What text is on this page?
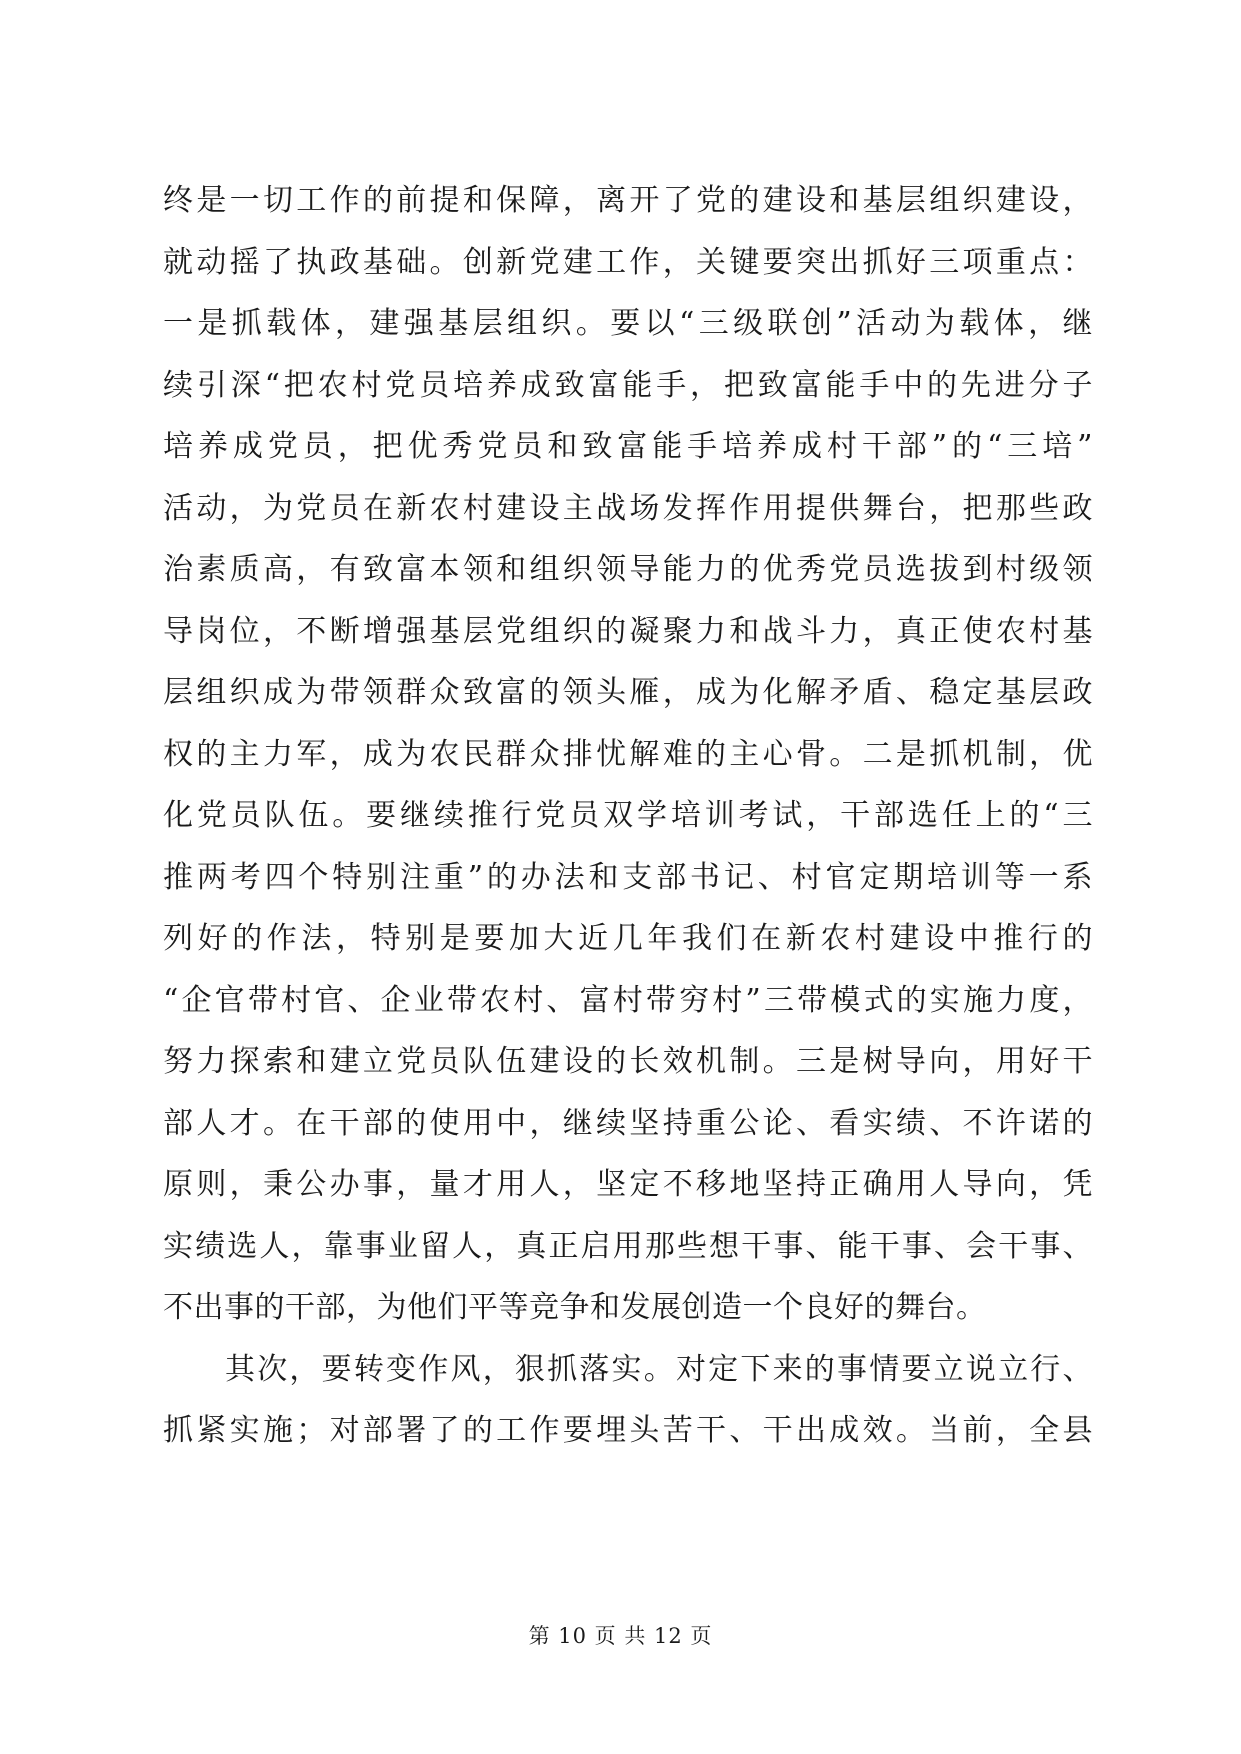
终是一切工作的前提和保障，离开了党的建设和基层组织建设，
就动摇了执政基础。创新党建工作，关键要突出抓好三项重点：
一是抓载体，建强基层组织。要以“三级联创”活动为载体，继
续引深“把农村党员培养成致富能手，把致富能手中的先进分子
培养成党员，把优秀党员和致富能手培养成村干部”的“三培”
活动，为党员在新农村建设主战场发挥作用提供舞台，把那些政
治素质高，有致富本领和组织领导能力的优秀党员选拔到村级领
导岗位，不断增强基层党组织的凝聚力和战斗力，真正使农村基
层组织成为带领群众致富的领头雁，成为化解矛盾、稳定基层政
权的主力军，成为农民群众排忧解难的主心骨。二是抓机制，优
化党员队伍。要继续推行党员双学培训考试，干部选任上的“三
推两考四个特别注重”的办法和支部书记、村官定期培训等一系
列好的作法，特别是要加大近几年我们在新农村建设中推行的
“企官带村官、企业带农村、富村带穷村”三带模式的实施力度，
努力探索和建立党员队伍建设的长效机制。三是树导向，用好干
部人才。在干部的使用中，继续坚持重公论、看实绩、不许诺的
原则，秉公办事，量才用人，坚定不移地坚持正确用人导向，凭
实绩选人，靠事业留人，真正启用那些想干事、能干事、会干事、
不出事的干部，为他们平等竞争和发展创造一个良好的舞台。
其次，要转变作风，狠抓落实。对定下来的事情要立说立行、
抓紧实施；对部署了的工作要埋头苦干、干出成效。当前，全县
第 10 页 共 12 页
